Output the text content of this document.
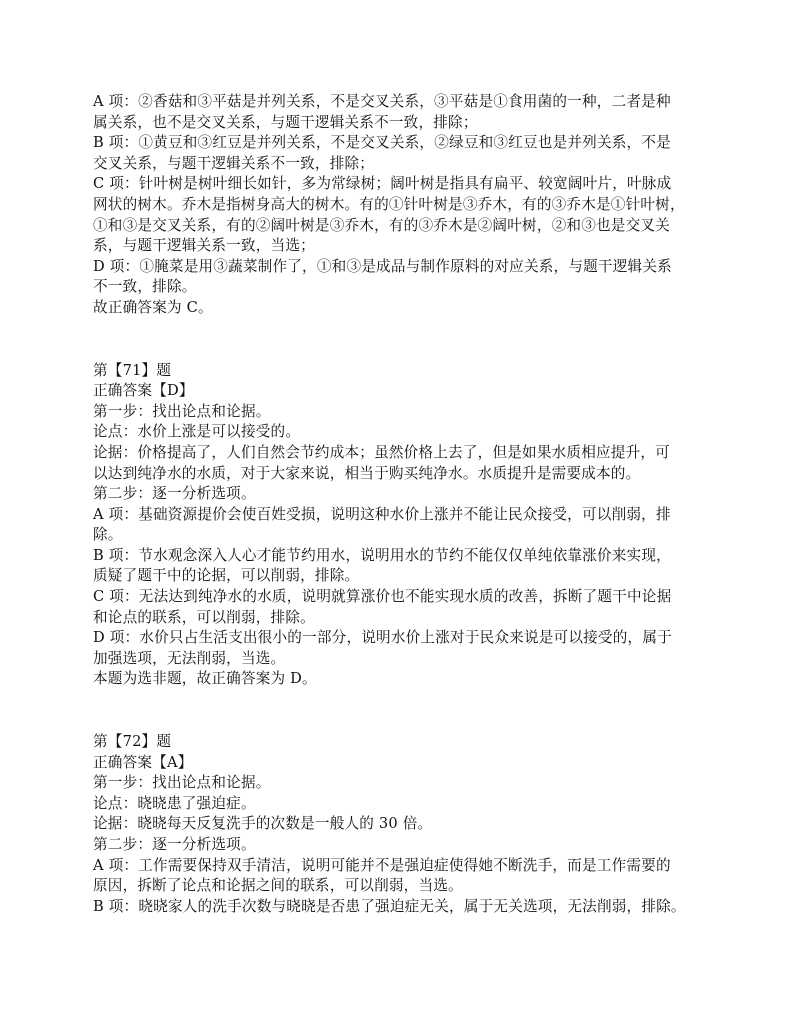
A 项：②香菇和③平菇是并列关系，不是交叉关系，③平菇是①食用菌的一种，二者是种
属关系，也不是交叉关系，与题干逻辑关系不一致，排除；
B 项：①黄豆和③红豆是并列关系，不是交叉关系，②绿豆和③红豆也是并列关系，不是
交叉关系，与题干逻辑关系不一致，排除；
C 项：针叶树是树叶细长如针，多为常绿树；阔叶树是指具有扁平、较宽阔叶片，叶脉成
网状的树木。乔木是指树身高大的树木。有的①针叶树是③乔木，有的③乔木是①针叶树，
①和③是交叉关系，有的②阔叶树是③乔木，有的③乔木是②阔叶树，②和③也是交叉关
系，与题干逻辑关系一致，当选；
D 项：①腌菜是用③蔬菜制作了，①和③是成品与制作原料的对应关系，与题干逻辑关系
不一致，排除。
故正确答案为 C。
第【71】题
正确答案【D】
第一步：找出论点和论据。
论点：水价上涨是可以接受的。
论据：价格提高了，人们自然会节约成本；虽然价格上去了，但是如果水质相应提升，可
以达到纯净水的水质，对于大家来说，相当于购买纯净水。水质提升是需要成本的。
第二步：逐一分析选项。
A 项：基础资源提价会使百姓受损，说明这种水价上涨并不能让民众接受，可以削弱，排
除。
B 项：节水观念深入人心才能节约用水，说明用水的节约不能仅仅单纯依靠涨价来实现，
质疑了题干中的论据，可以削弱，排除。
C 项：无法达到纯净水的水质，说明就算涨价也不能实现水质的改善，拆断了题干中论据
和论点的联系，可以削弱，排除。
D 项：水价只占生活支出很小的一部分，说明水价上涨对于民众来说是可以接受的，属于
加强选项，无法削弱，当选。
本题为选非题，故正确答案为 D。
第【72】题
正确答案【A】
第一步：找出论点和论据。
论点：晓晓患了强迫症。
论据：晓晓每天反复洗手的次数是一般人的 30 倍。
第二步：逐一分析选项。
A 项：工作需要保持双手清洁，说明可能并不是强迫症使得她不断洗手，而是工作需要的
原因，拆断了论点和论据之间的联系，可以削弱，当选。
B 项：晓晓家人的洗手次数与晓晓是否患了强迫症无关，属于无关选项，无法削弱，排除。
